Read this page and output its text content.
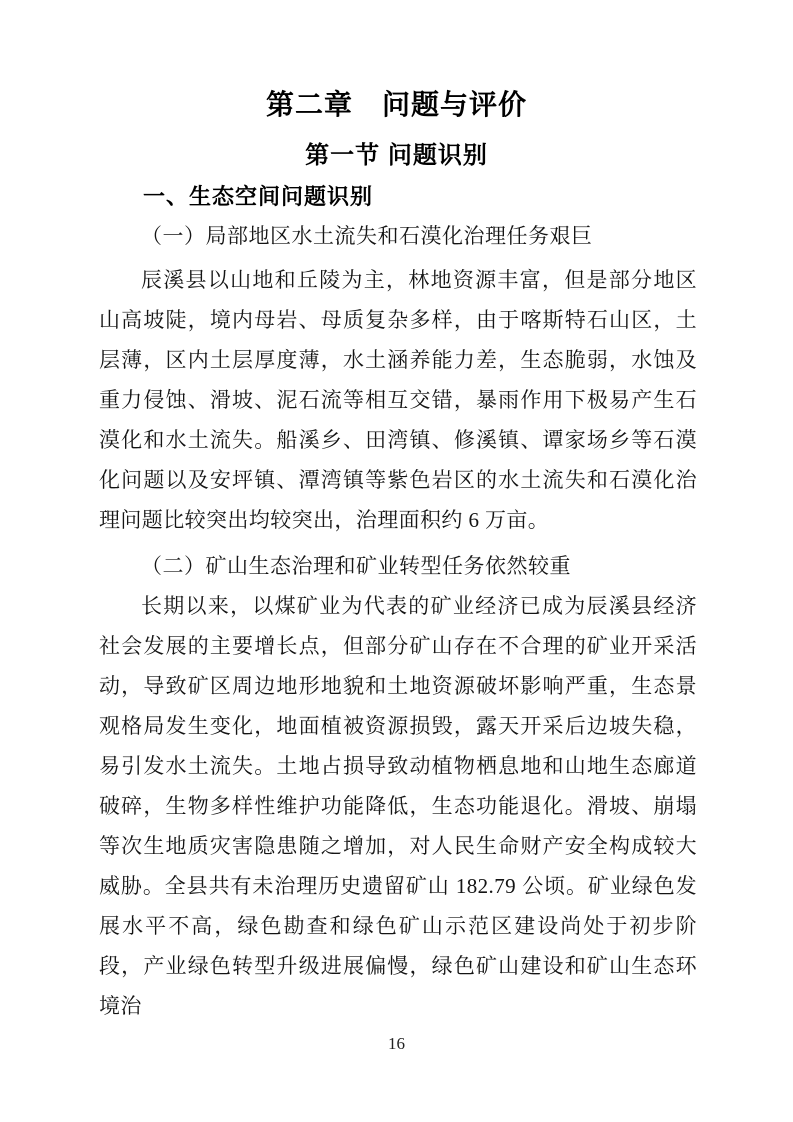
第二章　问题与评价
第一节 问题识别
一、生态空间问题识别

（一）局部地区水土流失和石漠化治理任务艰巨

辰溪县以山地和丘陵为主，林地资源丰富，但是部分地区山高坡陡，境内母岩、母质复杂多样，由于喀斯特石山区，土层薄，区内土层厚度薄，水土涵养能力差，生态脆弱，水蚀及重力侵蚀、滑坡、泥石流等相互交错，暴雨作用下极易产生石漠化和水土流失。船溪乡、田湾镇、修溪镇、谭家场乡等石漠化问题以及安坪镇、潭湾镇等紫色岩区的水土流失和石漠化治理问题比较突出均较突出，治理面积约 6 万亩。

（二）矿山生态治理和矿业转型任务依然较重

长期以来，以煤矿业为代表的矿业经济已成为辰溪县经济社会发展的主要增长点，但部分矿山存在不合理的矿业开采活动，导致矿区周边地形地貌和土地资源破坏影响严重，生态景观格局发生变化，地面植被资源损毁，露天开采后边坡失稳，易引发水土流失。土地占损导致动植物栖息地和山地生态廊道破碎，生物多样性维护功能降低，生态功能退化。滑坡、崩塌等次生地质灾害隐患随之增加，对人民生命财产安全构成较大威胁。全县共有未治理历史遗留矿山 182.79 公顷。矿业绿色发展水平不高，绿色勘查和绿色矿山示范区建设尚处于初步阶段，产业绿色转型升级进展偏慢，绿色矿山建设和矿山生态环境治

16
